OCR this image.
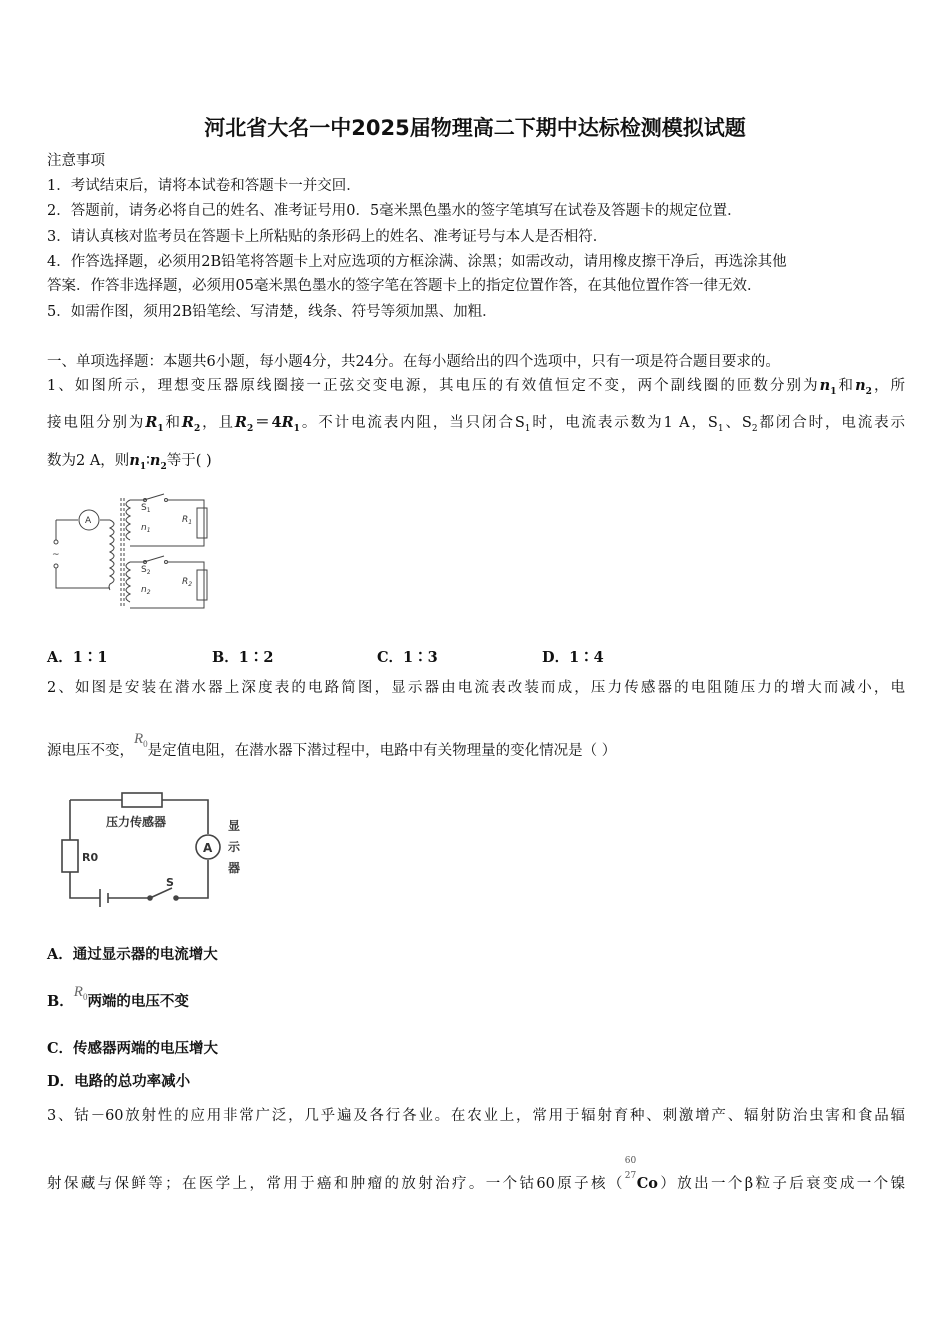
河北省大名一中2025届物理高二下期中达标检测模拟试题
注意事项
1．考试结束后，请将本试卷和答题卡一并交回．
2．答题前，请务必将自己的姓名、准考证号用0．5毫米黑色墨水的签字笔填写在试卷及答题卡的规定位置．
3．请认真核对监考员在答题卡上所粘贴的条形码上的姓名、准考证号与本人是否相符．
4．作答选择题，必须用2B铅笔将答题卡上对应选项的方框涂满、涂黑；如需改动，请用橡皮擦干净后，再选涂其他
答案．作答非选择题，必须用05毫米黑色墨水的签字笔在答题卡上的指定位置作答，在其他位置作答一律无效．
5．如需作图，须用2B铅笔绘、写清楚，线条、符号等须加黑、加粗．
一、单项选择题：本题共6小题，每小题4分，共24分。在每小题给出的四个选项中，只有一项是符合题目要求的。
1、如图所示，理想变压器原线圈接一正弦交变电源，其电压的有效值恒定不变，两个副线圈的匝数分别为$n_1$和$n_2$，所
接电阻分别为$R_1$和$R_2$，且$R_2=4R_1$。不计电流表内阻，当只闭合$S_1$时，电流表示数为1 A，$S_1$、$S_2$都闭合时，电流表示
数为2 A，则$n_1∶n_2$等于( )
A
~
$S_1$
$n_1$
$R_1$
$S_2$
$n_2$
$R_2$
A．1∶1	B．1∶2	C．1∶3	D．1∶4
2、如图是安装在潜水器上深度表的电路简图，显示器由电流表改装而成，压力传感器的电阻随压力的增大而减小，电
源电压不变，$R_0$是定值电阻，在潜水器下潜过程中，电路中有关物理量的变化情况是（ ）
压力传感器
R0
A
显
示
器
S
A．通过显示器的电流增大
B．$R_0$两端的电压不变
C．传感器两端的电压增大
D．电路的总功率减小
3、钴－60放射性的应用非常广泛，几乎遍及各行各业。在农业上，常用于辐射育种、刺激增产、辐射防治虫害和食品辐
射保藏与保鲜等；在医学上，常用于癌和肿瘤的放射治疗。一个钴60原子核（
60
27 Co）放出一个β粒子后衰变成一个镍
